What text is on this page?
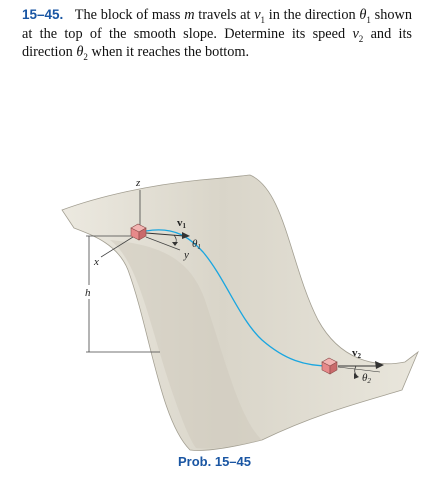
15–45. The block of mass m travels at $v_1$ in the direction $\theta_1$ shown at the top of the smooth slope. Determine its speed $v_2$ and its direction $\theta_2$ when it reaches the bottom.

z
x
y
h
v1
θ1
v2
θ2
Prob. 15–45
